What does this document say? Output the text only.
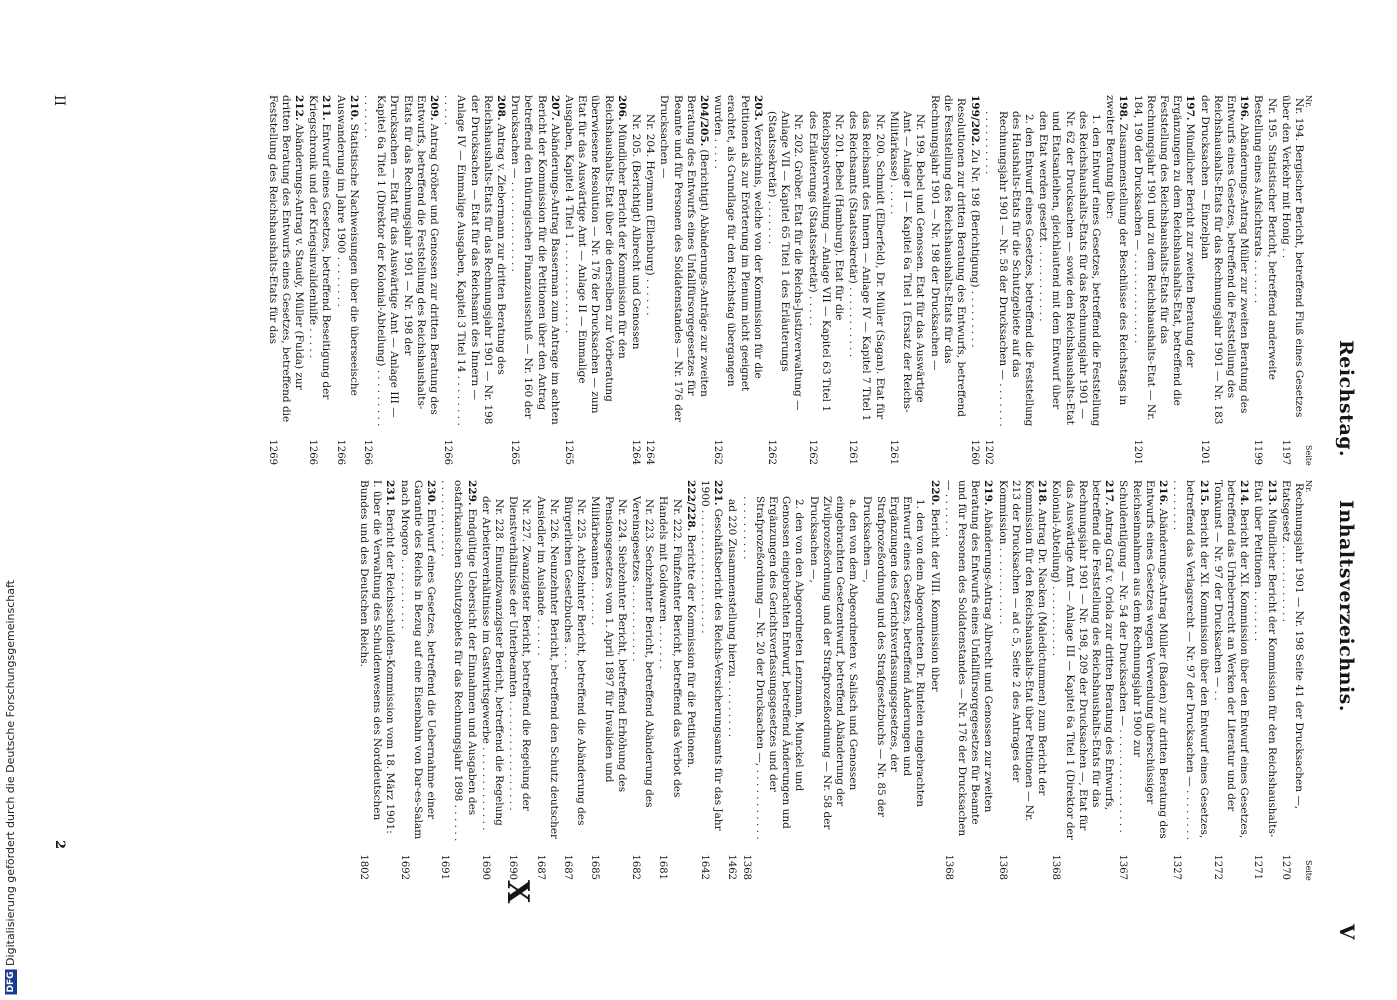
Reichstag.
Inhaltsverzeichnis.
V
Nr.
Seite
Nr.
Seite
Nr. 194. Bergischer Bericht, betreffend Fluß eines Gesetzes über den Verkehr mit Honig . .
1197
Nr. 195. Statistischer Bericht, betreffend anderweite Bestellung eines Aufsichtsrats . . . . . . .
1199
196.Abänderungs-Antrag Müller zur zweiten Beratung des Entwurfs eines Gesetzes, betreffend die Feststellung des Reichshaushalts-Etats für das Rechnungsjahr 1901 — Nr. 183 der Drucksachen — Einzelplan
1201
197.Mündlicher Bericht zur zweiten Beratung der Ergänzungen zu dem Reichshaushalts-Etat, betreffend die Feststellung des Reichshaushalts-Etats für das Rechnungsjahr 1901 und zu dem Reichshaushalts-Etat — Nr. 184, 190 der Drucksachen — . . . . . . . . . . . . . .
1201
198.Zusammenstellung der Beschlüsse des Reichstags in zweiter Beratung über:
1. den Entwurf eines Gesetzes, betreffend die Feststellung des Reichshaushalts-Etats für das Rechnungsjahr 1901 — Nr. 62 der Drucksachen — sowie den Reichshaushalts-Etat und Etatsanleihen, gleichlautend mit dem Entwurf über den Etat werden gesetzt . . . . . . . . . . . .
2. den Entwurf eines Gesetzes, betreffend die Feststellung des Haushalts-Etats für die Schutzgebiete auf das Rechnungsjahr 1901 — Nr. 58 der Drucksachen — . . . . . . . . . . . . . . . . .
1202
199/202.Zu Nr. 198 (Berichtigung) . . . . . . . . .
1260
Resolutionen zur dritten Beratung des Entwurfs, betreffend die Feststellung des Reichshaushalts-Etats für das Rechnungsjahr 1901 — Nr. 198 der Drucksachen —
Nr. 199. Bebel und Genossen. Etat für das Auswärtige Amt — Anlage II — Kapitel 6a Titel 1 (Ersatz der Reichs-Militärkasse) . . . . .
1261
Nr. 200. Schmidt (Elberfeld), Dr. Müller (Sagan). Etat für das Reichsamt des Innern — Anlage IV — Kapitel 7 Titel 1 des Reichsamts (Staatssekretär) . . . . . . . . . . .
1261
Nr. 201. Bebel (Hamburg). Etat für die Reichspostverwaltung — Anlage VII — Kapitel 63 Titel 1 des Erläuterungs (Staatssekretär) . . . . .
1262
Nr. 202. Gröber. Etat für die Reichs-Justizverwaltung — Anlage VII — Kapitel 65 Titel 1 des Erläuterungs (Staatssekretär) . . . . . . .
1262
203.Verzeichnis, welche von der Kommission für die Petitionen als zur Erörterung im Plenum nicht geeignet erachtet, als Grundlage für den Reichstag übergangen wurden . . . . .
1262
204/205.(Berichtigt) Abänderungs-Anträge zur zweiten Beratung des Entwurfs eines Unfallfürsorgegesetzes für Beamte und für Personen des Soldatenstandes — Nr. 176 der Drucksachen —
Nr. 204. Heymann (Ellenburg) . . . . . .
1264
Nr. 205. (Berichtigt) Albrecht und Genossen
1264
206.Mündlicher Bericht der Kommission für den Reichshaushalts-Etat über die derselben zur Vorberatung überwiesene Resolution — Nr. 176 der Drucksachen — zum Etat für das Auswärtige Amt — Anlage II — Einmalige Ausgaben, Kapitel 4 Titel 1 . . . . . . . . . . . . . .
1265
207.Abänderungs-Antrag Basserman zum Antrage im achten Bericht der Kommission für die Petitionen über den Antrag betreffend den thüringischen Finanzausschuß — Nr. 160 der Drucksachen — . . . . . . . . . . . . . .
1265
208.Antrag v. Ziebermann zur dritten Beratung des Reichshaushalts-Etats für das Rechnungsjahr 1901 — Nr. 198 der Drucksachen — Etat für das Reichsamt des Innern — Anlage IV — Einmalige Ausgaben, Kapitel 3 Titel 14 . . . . . . . . . . . . .
1266
209.Antrag Gröber und Genossen zur dritten Beratung des Entwurfs, betreffend die Feststellung des Reichshaushalts-Etats für das Rechnungsjahr 1901 — Nr. 198 der Drucksachen — Etat für das Auswärtige Amt — Anlage III — Kapitel 6a Titel 1 (Direktor der Kolonial-Abteilung) . . . . . . . . . . . . . . . .
1266
210.Statistische Nachweisungen über die überseeische Auswanderung im Jahre 1900 . . . . . . . .
1266
211.Entwurf eines Gesetzes, betreffend Beseitigung der Kriegschronik und der Kriegsinvalidenhilfe . . . . .
1266
212.Abänderungs-Antrag v. Staudy, Müller (Fulda) zur dritten Beratung des Entwurfs eines Gesetzes, betreffend die Feststellung des Reichshaushalts-Etats für das
1269
Rechnungsjahr 1901 — Nr. 198 Seite 41 der Drucksachen —, Etatsgesetz . . . . . . . . . . . .
1270
213.Mündlicher Bericht der Kommission für den Reichshaushalts-Etat über Petitionen . . . . . . . .
1271
214.Bericht der XI. Kommission über den Entwurf eines Gesetzes, betreffend das Urheberrecht an Werken der Literatur und der Tonkunst — Nr. 97 der Drucksachen — . .
1272
215.Bericht der XI. Kommission über den Entwurf eines Gesetzes, betreffend das Verlagsrecht — Nr. 97 der Drucksachen — . . . . . . . . . . . . . . . .
1327
216.Abänderungs-Antrag Müller (Baden) zur dritten Beratung des Entwurfs eines Gesetzes wegen Verwendung überschüssiger Reichseinnahmen aus dem Rechnungsjahr 1900 zur Schuldentilgung — Nr. 54 der Drucksachen — . . . . . . . . . . . . . . . .
1367
217.Antrag Graf v. Oriola zur dritten Beratung des Entwurfs, betreffend die Feststellung des Reichshaushalts-Etats für das Rechnungsjahr 1901 — Nr. 198, 209 der Drucksachen —, Etat für das Auswärtige Amt — Anlage III — Kapitel 6a Titel 1 (Direktor der Kolonial-Abteilung) . . . . . . . . . . .
1368
218.Antrag Dr. Nacken (Maledictummen) zum Bericht der Kommission für den Reichshaushalts-Etat über Petitionen — Nr. 213 der Drucksachen — ad c 5, Seite 2 des Antrages der Kommission . . . . . . . . . . . .
1368
219.Abänderungs-Antrag Albrecht und Genossen zur zweiten Beratung des Entwurfs eines Unfallfürsorgegesetzes für Beamte und für Personen des Soldatenstandes — Nr. 176 der Drucksachen — . . . . . . .
1368
220.Bericht der VIII. Kommission über
1. den von dem Abgeordneten Dr. Rintelen eingebrachten Entwurf eines Gesetzes, betreffend Änderungen und Ergänzungen des Gerichtsverfassungsgesetzes, der Strafprozeßordnung und des Strafgesetzbuchs — Nr. 85 der Drucksachen —,
a. den von dem Abgeordneten v. Salisch und Genossen eingebrachten Gesetzentwurf, betreffend Abänderung der Zivilprozeßordnung und der Strafprozeßordnung — Nr. 58 der Drucksachen —,
2. den von den Abgeordneten Lenzmann, Munckel und Genossen eingebrachten Entwurf, betreffend Änderungen und Ergänzungen des Gerichtsverfassungsgesetzes und der Strafprozeßordnung — Nr. 20 der Drucksachen —, . . . . . . . . . . . . . . . . . . . . .
1368
ad 220 Zusammenstellung hierzu . . . . . . . . .
1462
221.Geschäftsbericht des Reichs-Versicherungsamts für das Jahr 1900 . . . . . . . . . . . . . . . . . . .
1642
222/228.Berichte der Kommission für die Petitionen.
Nr. 222. Fünfzehnter Bericht, betreffend das Verbot des Handels mit Goldwaren . . . . . . .
1681
Nr. 223. Sechzehnter Bericht, betreffend Abänderung des Vereinsgesetzes . . . . . . . . . . . .
1682
Nr. 224. Siebzehnter Bericht, betreffend Erhöhung des Pensionsgesetzes vom 1. April 1897 für Invaliden und Militärbeamten . . . . . . .
1685
Nr. 225. Achtzehnter Bericht, betreffend die Abänderung des Bürgerlichen Gesetzbuches . . . .
1687
Nr. 226. Neunzehnter Bericht, betreffend den Schutz deutscher Ansiedler im Auslande . . . . . .
1687
Nr. 227. Zwanzigster Bericht, betreffend die Regelung der Dienstverhältnisse der Unterbeamten . . . . . . . . . . . . . . . . .
1690
Nr. 228. Einundzwanzigster Bericht, betreffend die Regelung der Arbeiterverhältnisse im Gastwirtsgewerbe . . . . . . . . . . . . .
1690
229.Endgültige Uebersicht der Einnahmen und Ausgaben des ostafrikanischen Schutzgebiets für das Rechnungsjahr 1898 . . . . . . . . . . . . . . . . . .
1691
230.Entwurf eines Gesetzes, betreffend die Uebernahme einer Garantie des Reichs in Bezug auf eine Eisenbahn von Dar-es-Salam nach Mrogoro . . . . . . . . . . .
1692
231.Bericht der Reichsschulden-Kommission vom 18. März 1901: I. über die Verwaltung des Schuldenwesens des Norddeutschen Bundes und des Deutschen Reichs.
1802
X
II
2
DFG Digitalisierung gefördert durch die Deutsche Forschungsgemeinschaft
